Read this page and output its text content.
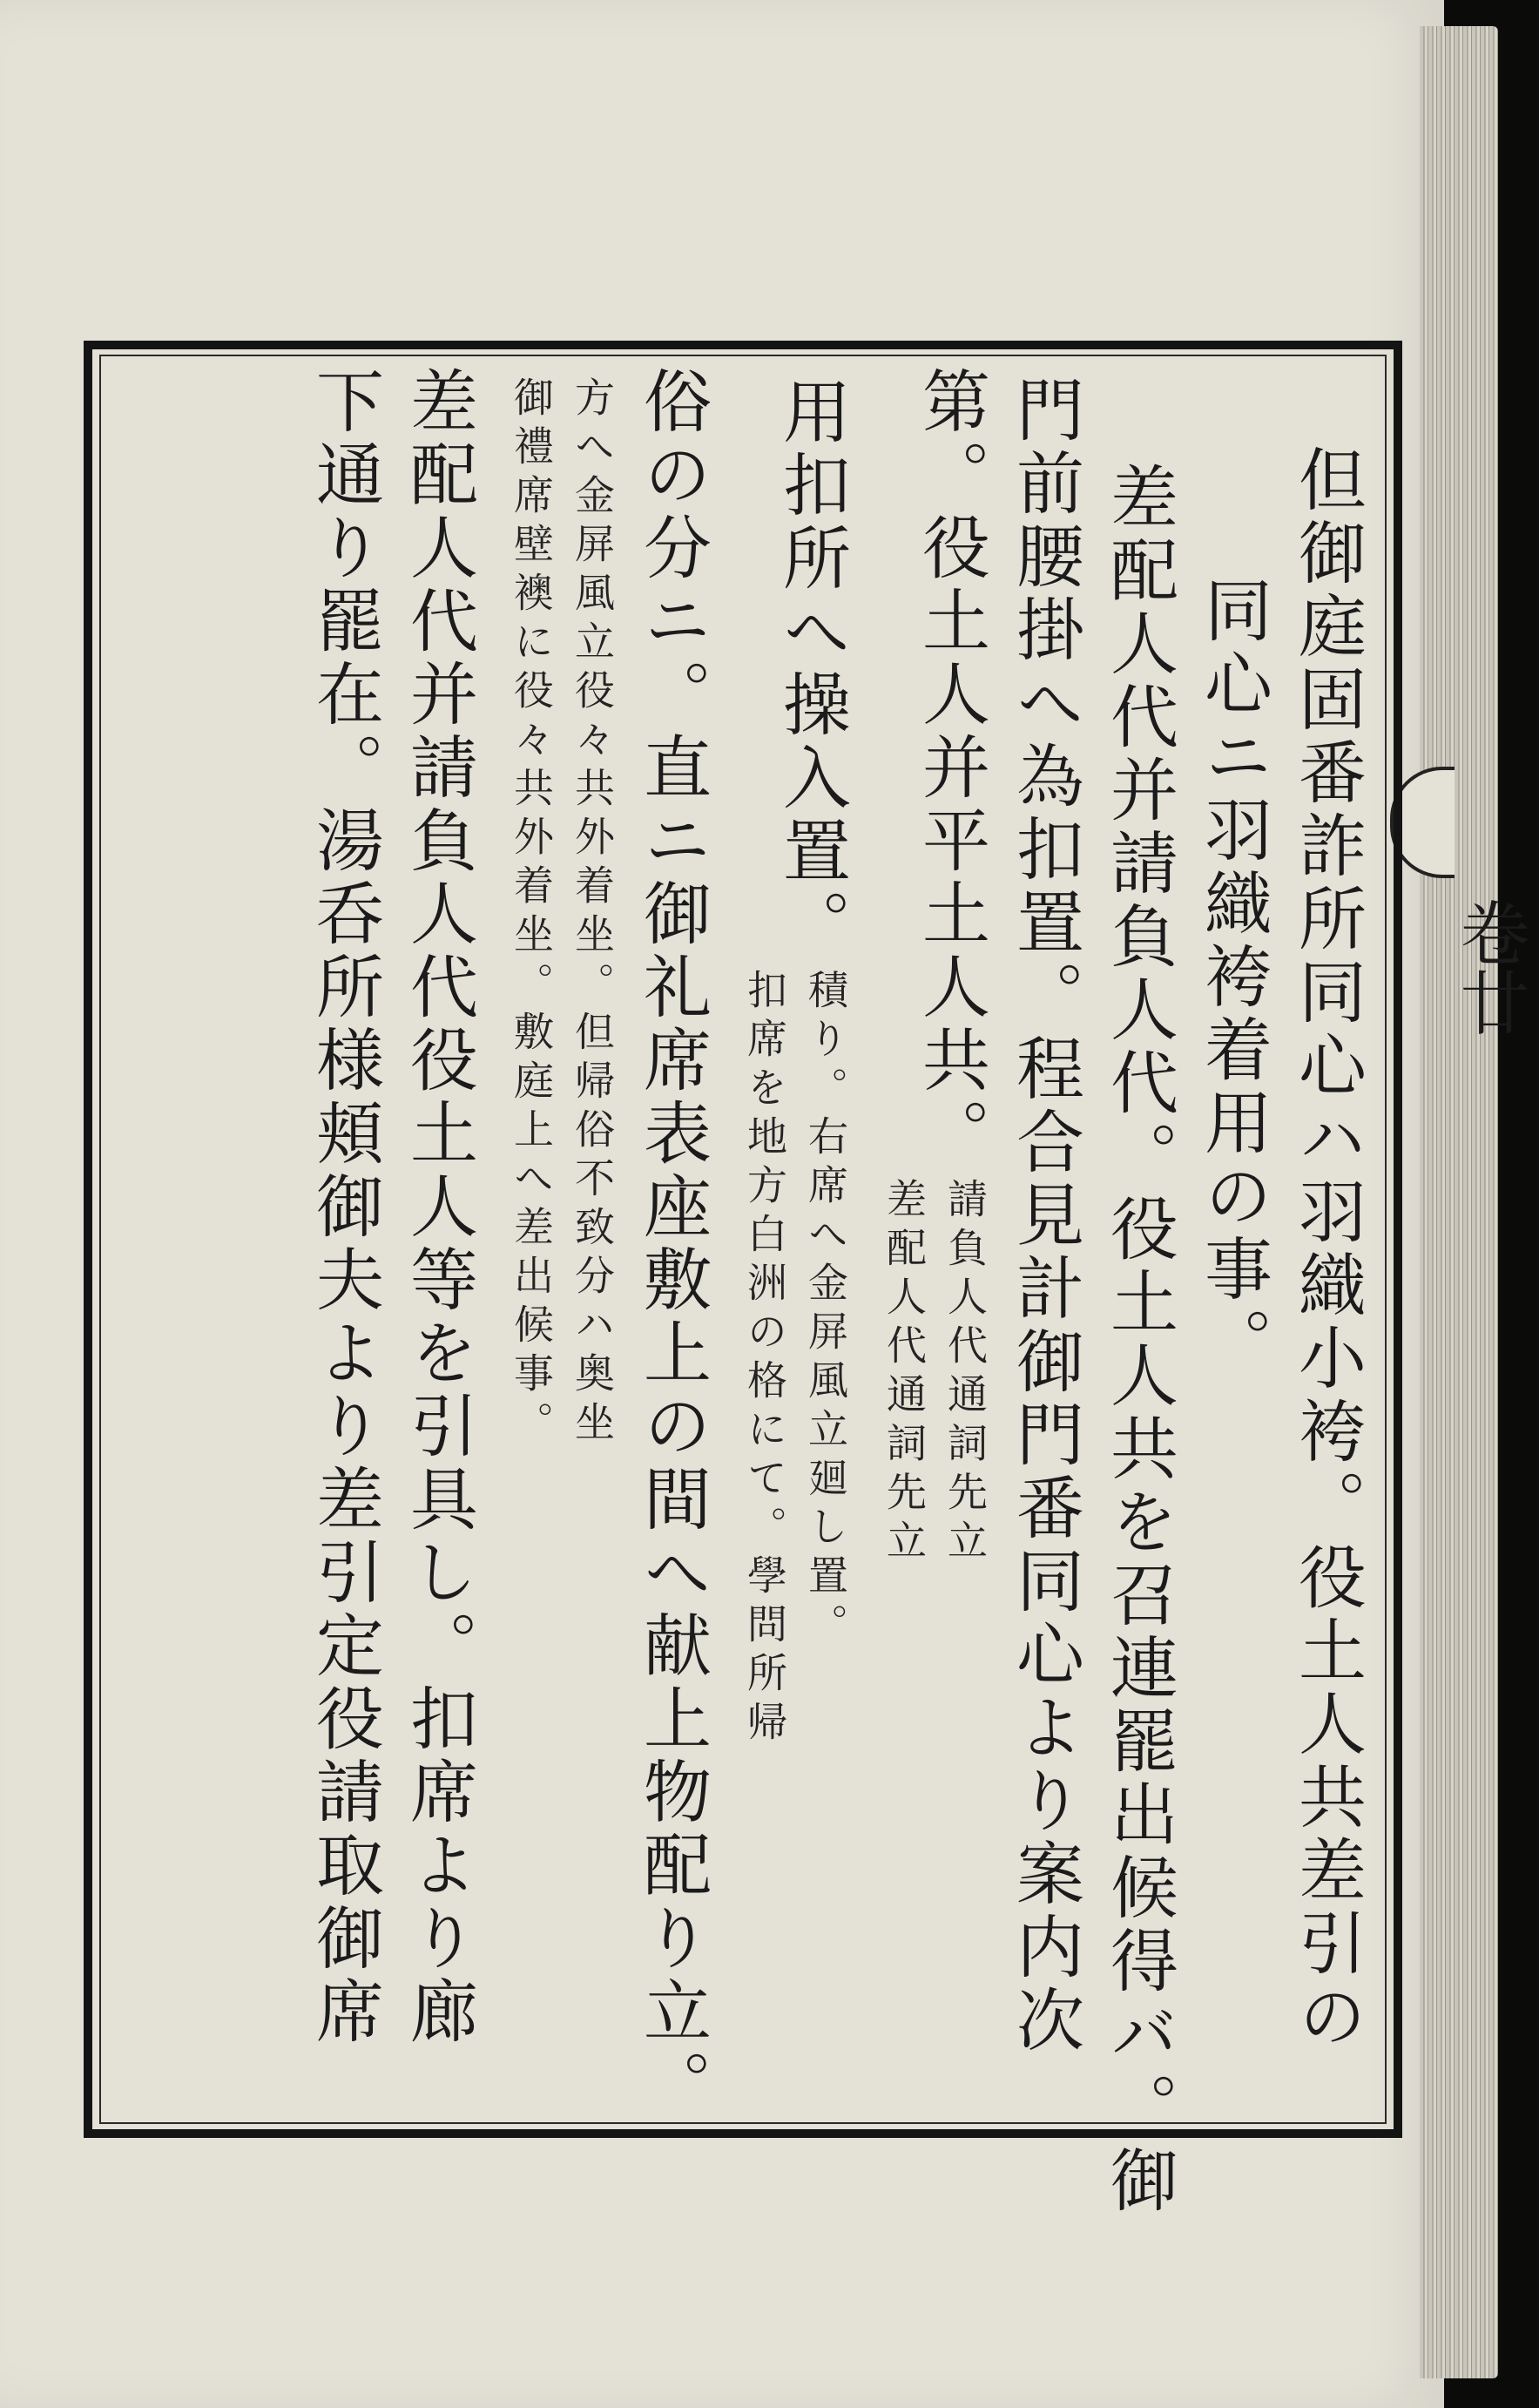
卷廿
但御庭固番詐所同心ハ羽織小袴。役土人共差引の
同心ニ羽織袴着用の事。
差配人代并請負人代。役土人共を召連罷出候得バ。御
門前腰掛へ為扣置。程合見計御門番同心より案内次
第。役土人并平土人共。
請負人代通詞先立
差配人代通詞先立
用扣所へ操入置。
積り。右席へ金屏風立廻し置。
扣席を地方白洲の格にて。學問所帰
俗の分ニ。直ニ御礼席表座敷上の間へ献上物配り立。
方へ金屏風立役々共外着坐。但帰俗不致分ハ奥坐
御禮席壁襖に役々共外着坐。敷庭上へ差出候事。
差配人代并請負人代役土人等を引具し。扣席より廊
下通り罷在。湯呑所様頬御夫より差引定役請取御席
